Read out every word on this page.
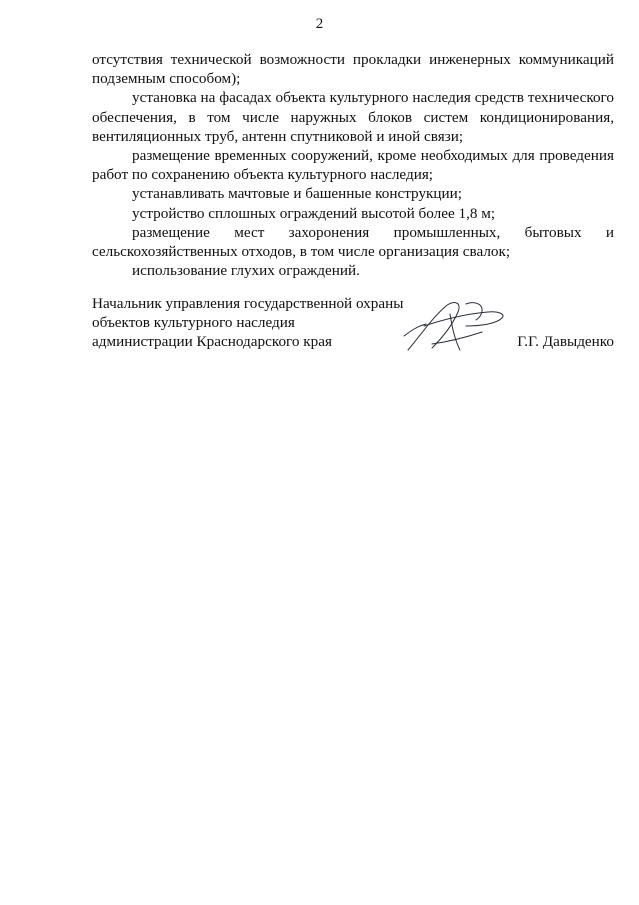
2

отсутствия технической возможности прокладки инженерных коммуникаций подземным способом);

установка на фасадах объекта культурного наследия средств технического обеспечения, в том числе наружных блоков систем кондиционирования, вентиляционных труб, антенн спутниковой и иной связи;

размещение временных сооружений, кроме необходимых для проведения работ по сохранению объекта культурного наследия;

устанавливать мачтовые и башенные конструкции;

устройство сплошных ограждений высотой более 1,8 м;

размещение мест захоронения промышленных, бытовых и сельскохозяйственных отходов, в том числе организация свалок;

использование глухих ограждений.

Начальник управления государственной охраны
объектов культурного наследия
администрации Краснодарского края	Г.Г. Давыденко
